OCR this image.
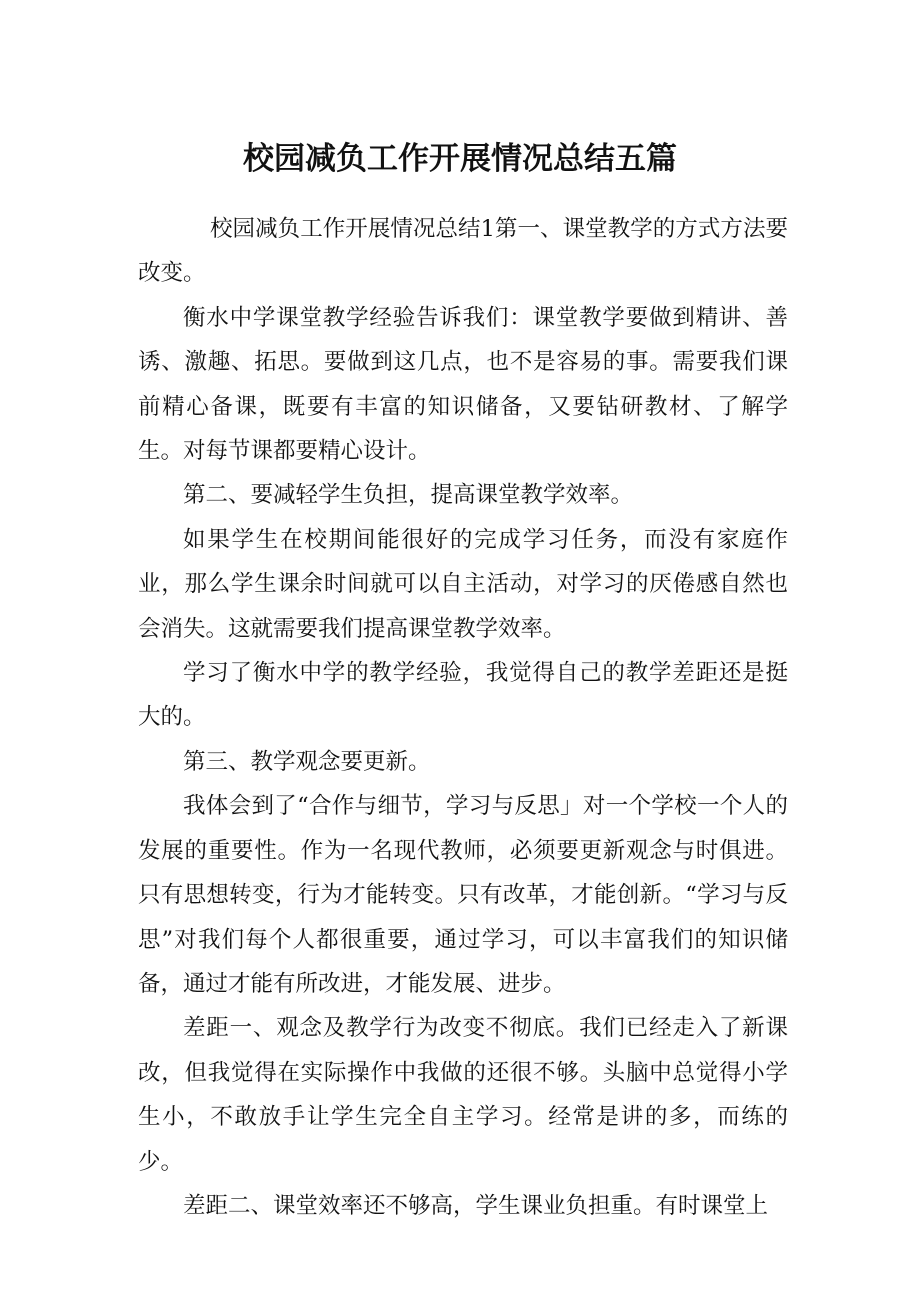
校园减负工作开展情况总结五篇

校园减负工作开展情况总结1第一、课堂教学的方式方法要改变。

衡水中学课堂教学经验告诉我们：课堂教学要做到精讲、善诱、激趣、拓思。要做到这几点，也不是容易的事。需要我们课前精心备课，既要有丰富的知识储备，又要钻研教材、了解学生。对每节课都要精心设计。

第二、要减轻学生负担，提高课堂教学效率。

如果学生在校期间能很好的完成学习任务，而没有家庭作业，那么学生课余时间就可以自主活动，对学习的厌倦感自然也会消失。这就需要我们提高课堂教学效率。

学习了衡水中学的教学经验，我觉得自己的教学差距还是挺大的。

第三、教学观念要更新。

我体会到了“合作与细节，学习与反思」对一个学校一个人的发展的重要性。作为一名现代教师，必须要更新观念与时俱进。只有思想转变，行为才能转变。只有改革，才能创新。“学习与反思”对我们每个人都很重要，通过学习，可以丰富我们的知识储备，通过才能有所改进，才能发展、进步。

差距一、观念及教学行为改变不彻底。我们已经走入了新课改，但我觉得在实际操作中我做的还很不够。头脑中总觉得小学生小，不敢放手让学生完全自主学习。经常是讲的多，而练的少。

差距二、课堂效率还不够高，学生课业负担重。有时课堂上
